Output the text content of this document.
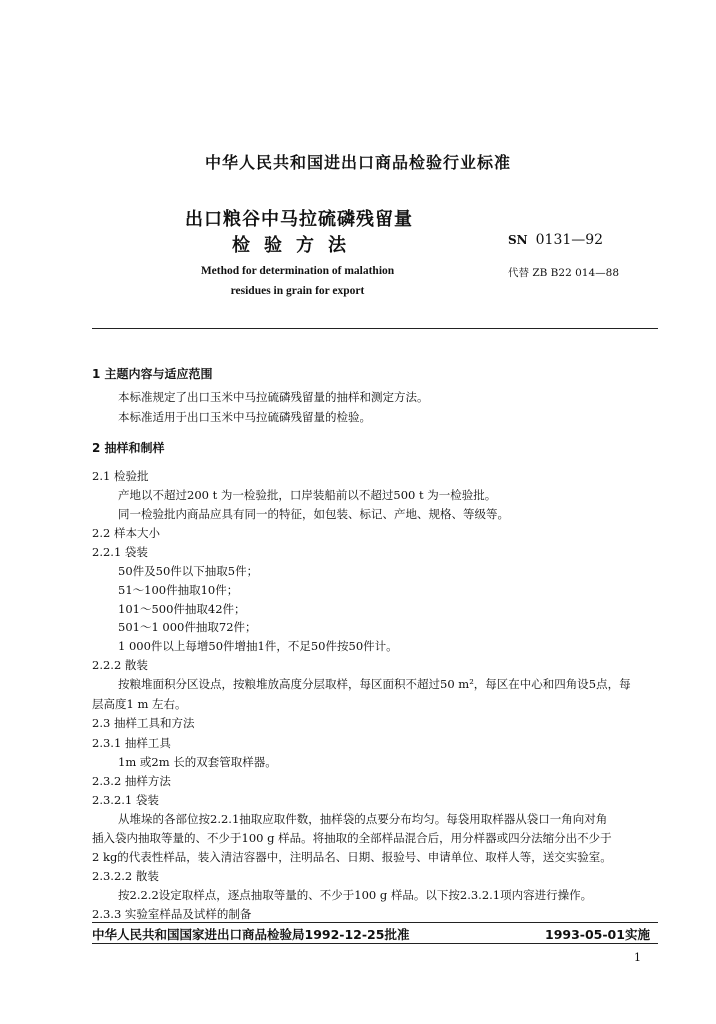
中华人民共和国进出口商品检验行业标准
出口粮谷中马拉硫磷残留量
检验方法	SN 0131—92
Method for determination of malathion
residues in grain for export
代替 ZB B22 014—88
1 主题内容与适应范围
本标准规定了出口玉米中马拉硫磷残留量的抽样和测定方法。
本标准适用于出口玉米中马拉硫磷残留量的检验。
2 抽样和制样
2.1 检验批
产地以不超过200 t 为一检验批，口岸装船前以不超过500 t 为一检验批。
同一检验批内商品应具有同一的特征，如包装、标记、产地、规格、等级等。
2.2 样本大小
2.2.1 袋装
50件及50件以下抽取5件；
51～100件抽取10件；
101～500件抽取42件；
501～1 000件抽取72件；
1 000件以上每增50件增抽1件，不足50件按50件计。
2.2.2 散装
按粮堆面积分区设点，按粮堆放高度分层取样，每区面积不超过50 m²，每区在中心和四角设5点，每
层高度1 m 左右。
2.3 抽样工具和方法
2.3.1 抽样工具
1m 或2m 长的双套管取样器。
2.3.2 抽样方法
2.3.2.1 袋装
从堆垛的各部位按2.2.1抽取应取件数，抽样袋的点要分布均匀。每袋用取样器从袋口一角向对角
插入袋内抽取等量的、不少于100 g 样品。将抽取的全部样品混合后，用分样器或四分法缩分出不少于
2 kg的代表性样品，装入清洁容器中，注明品名、日期、报验号、申请单位、取样人等，送交实验室。
2.3.2.2 散装
按2.2.2设定取样点，逐点抽取等量的、不少于100 g 样品。以下按2.3.2.1项内容进行操作。
2.3.3 实验室样品及试样的制备
中华人民共和国国家进出口商品检验局1992-12-25批准	1993-05-01实施
1
